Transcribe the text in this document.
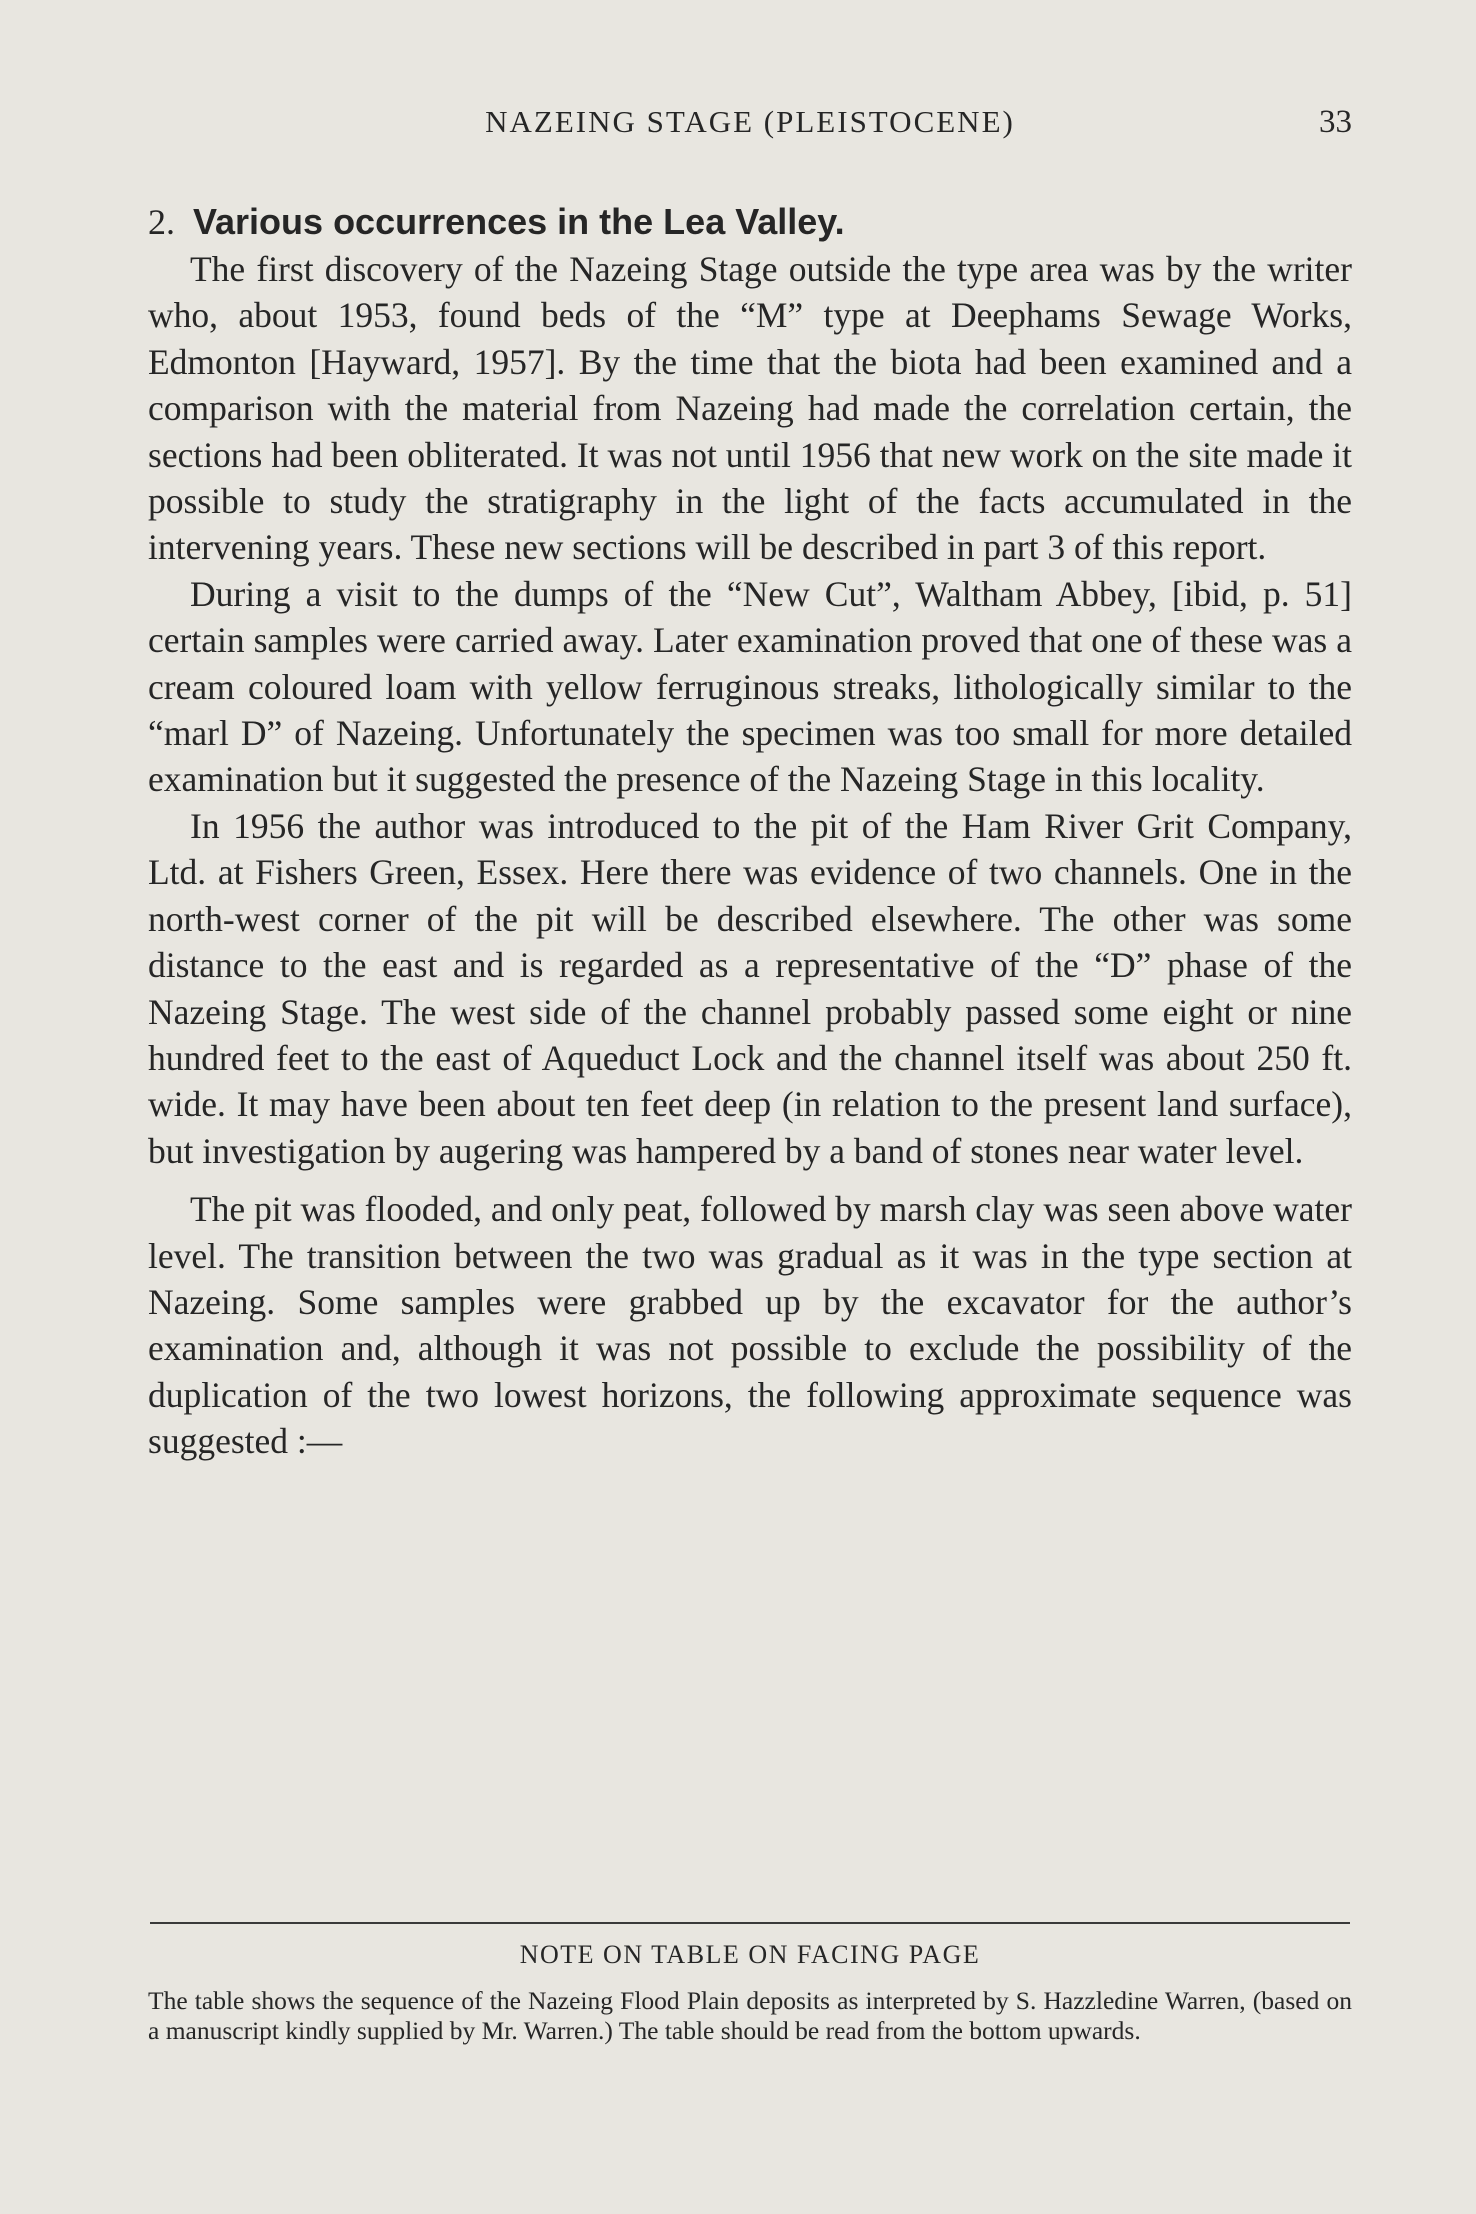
NAZEING STAGE (PLEISTOCENE)	33
2. Various occurrences in the Lea Valley.

The first discovery of the Nazeing Stage outside the type area was by the writer who, about 1953, found beds of the “M” type at Deephams Sewage Works, Edmonton [Hayward, 1957]. By the time that the biota had been examined and a comparison with the material from Nazeing had made the correlation certain, the sections had been obliterated. It was not until 1956 that new work on the site made it possible to study the stratigraphy in the light of the facts accumulated in the intervening years. These new sections will be described in part 3 of this report.

During a visit to the dumps of the “New Cut”, Waltham Abbey, [ibid, p. 51] certain samples were carried away. Later examination proved that one of these was a cream coloured loam with yellow ferruginous streaks, lithologically similar to the “marl D” of Nazeing. Unfortunately the specimen was too small for more detailed examination but it suggested the presence of the Nazeing Stage in this locality.

In 1956 the author was introduced to the pit of the Ham River Grit Company, Ltd. at Fishers Green, Essex. Here there was evidence of two channels. One in the north-west corner of the pit will be described elsewhere. The other was some distance to the east and is regarded as a representative of the “D” phase of the Nazeing Stage. The west side of the channel probably passed some eight or nine hundred feet to the east of Aqueduct Lock and the channel itself was about 250 ft. wide. It may have been about ten feet deep (in relation to the present land surface), but investigation by augering was hampered by a band of stones near water level.

The pit was flooded, and only peat, followed by marsh clay was seen above water level. The transition between the two was gradual as it was in the type section at Nazeing. Some samples were grabbed up by the excavator for the author’s examination and, although it was not possible to exclude the possibility of the duplication of the two lowest horizons, the following approximate sequence was suggested :—

NOTE ON TABLE ON FACING PAGE
The table shows the sequence of the Nazeing Flood Plain deposits as interpreted by S. Hazzledine Warren, (based on a manuscript kindly supplied by Mr. Warren.) The table should be read from the bottom upwards.
